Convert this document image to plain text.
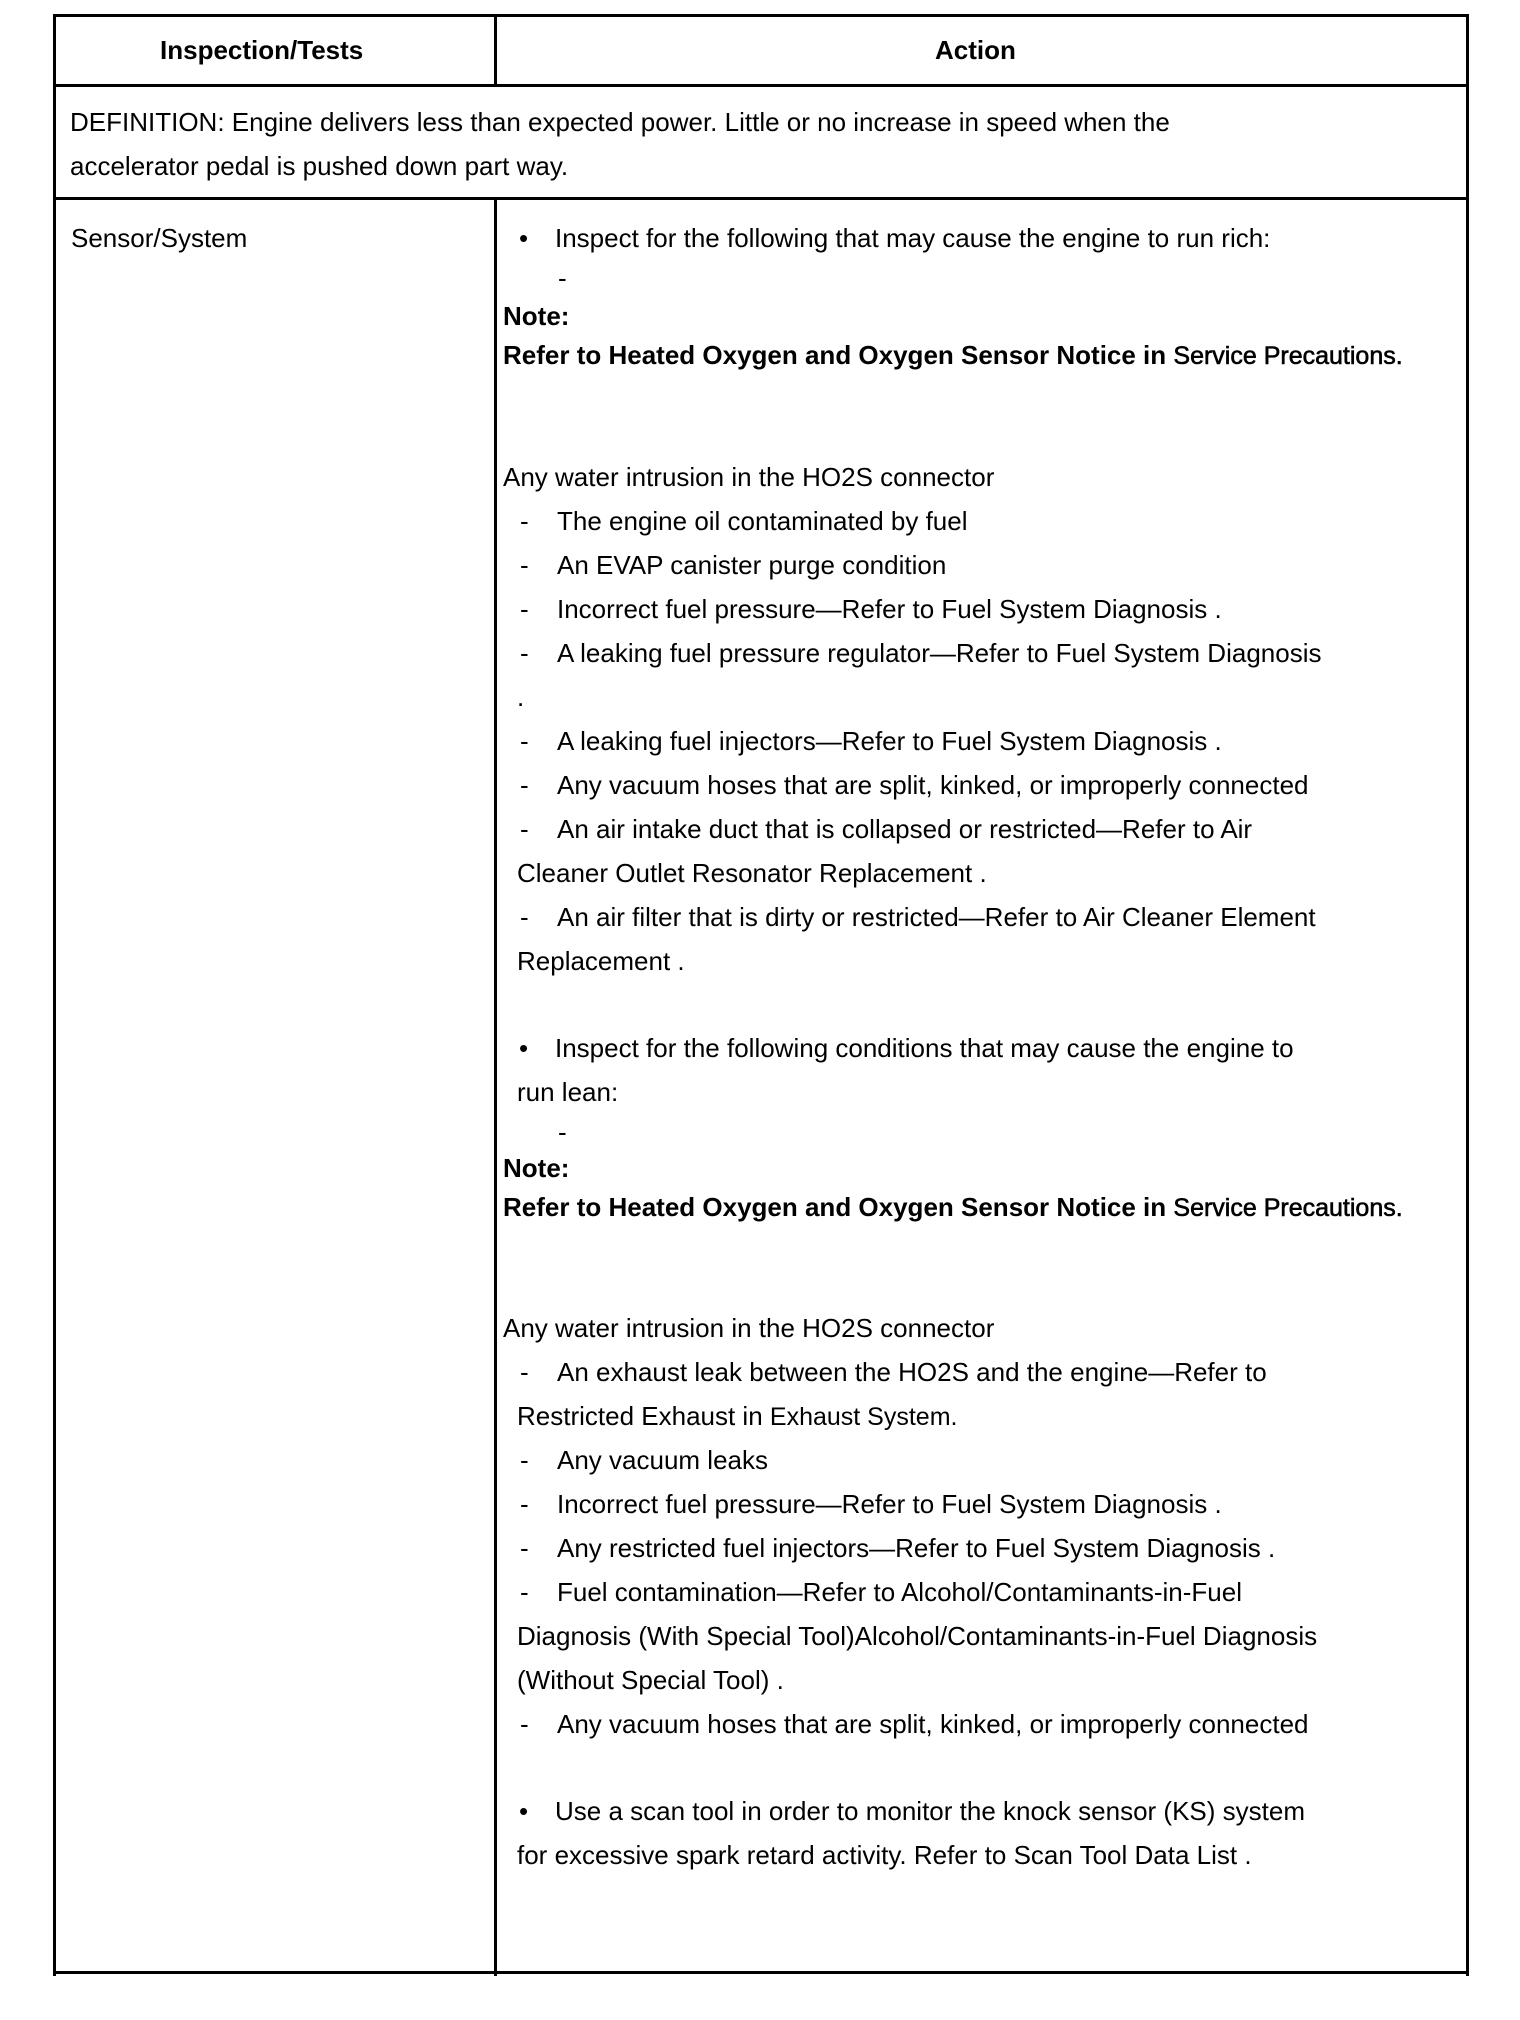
Inspection/Tests	Action
DEFINITION: Engine delivers less than expected power. Little or no increase in speed when the
accelerator pedal is pushed down part way.
Sensor/System	• Inspect for the following that may cause the engine to run rich:
-
Note:
Refer to Heated Oxygen and Oxygen Sensor Notice in Service Precautions.
Any water intrusion in the HO2S connector
- The engine oil contaminated by fuel
- An EVAP canister purge condition
- Incorrect fuel pressure—Refer to Fuel System Diagnosis .
- A leaking fuel pressure regulator—Refer to Fuel System Diagnosis
.
- A leaking fuel injectors—Refer to Fuel System Diagnosis .
- Any vacuum hoses that are split, kinked, or improperly connected
- An air intake duct that is collapsed or restricted—Refer to Air
Cleaner Outlet Resonator Replacement .
- An air filter that is dirty or restricted—Refer to Air Cleaner Element
Replacement .
• Inspect for the following conditions that may cause the engine to
run lean:
-
Note:
Refer to Heated Oxygen and Oxygen Sensor Notice in Service Precautions.
Any water intrusion in the HO2S connector
- An exhaust leak between the HO2S and the engine—Refer to
Restricted Exhaust in Exhaust System.
- Any vacuum leaks
- Incorrect fuel pressure—Refer to Fuel System Diagnosis .
- Any restricted fuel injectors—Refer to Fuel System Diagnosis .
- Fuel contamination—Refer to Alcohol/Contaminants-in-Fuel
Diagnosis (With Special Tool)Alcohol/Contaminants-in-Fuel Diagnosis
(Without Special Tool) .
- Any vacuum hoses that are split, kinked, or improperly connected
• Use a scan tool in order to monitor the knock sensor (KS) system
for excessive spark retard activity. Refer to Scan Tool Data List .
